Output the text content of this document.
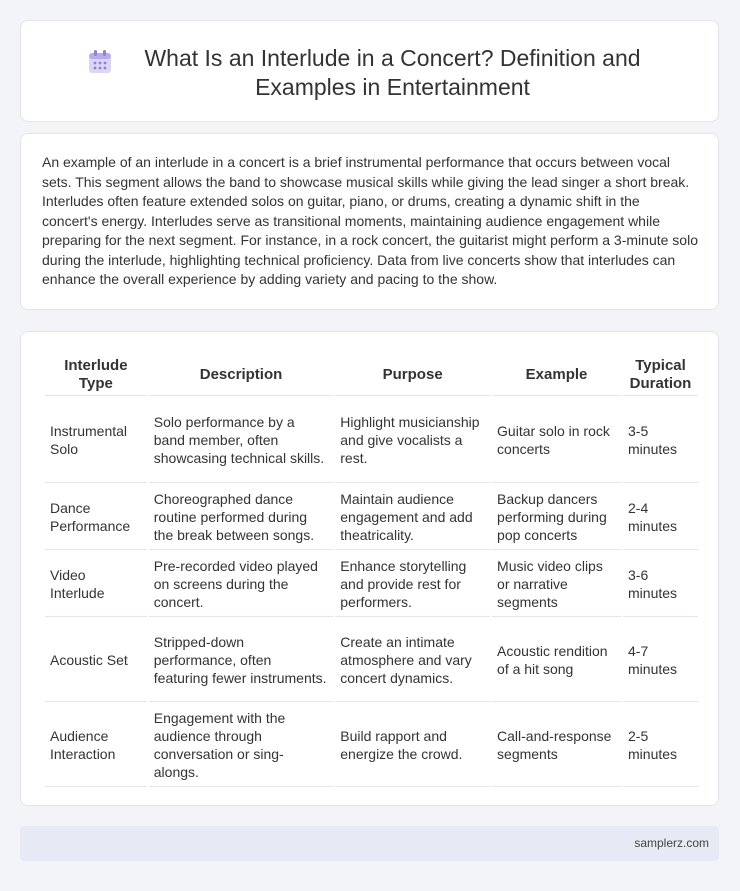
What Is an Interlude in a Concert? Definition and Examples in Entertainment

An example of an interlude in a concert is a brief instrumental performance that occurs between vocal sets. This segment allows the band to showcase musical skills while giving the lead singer a short break. Interludes often feature extended solos on guitar, piano, or drums, creating a dynamic shift in the concert's energy. Interludes serve as transitional moments, maintaining audience engagement while preparing for the next segment. For instance, in a rock concert, the guitarist might perform a 3-minute solo during the interlude, highlighting technical proficiency. Data from live concerts show that interludes can enhance the overall experience by adding variety and pacing to the show.

Interlude Type	Description	Purpose	Example	Typical Duration
Instrumental Solo	Solo performance by a band member, often showcasing technical skills.	Highlight musicianship and give vocalists a rest.	Guitar solo in rock concerts	3-5 minutes
Dance Performance	Choreographed dance routine performed during the break between songs.	Maintain audience engagement and add theatricality.	Backup dancers performing during pop concerts	2-4 minutes
Video Interlude	Pre-recorded video played on screens during the concert.	Enhance storytelling and provide rest for performers.	Music video clips or narrative segments	3-6 minutes
Acoustic Set	Stripped-down performance, often featuring fewer instruments.	Create an intimate atmosphere and vary concert dynamics.	Acoustic rendition of a hit song	4-7 minutes
Audience Interaction	Engagement with the audience through conversation or sing-alongs.	Build rapport and energize the crowd.	Call-and-response segments	2-5 minutes
samplerz.com
